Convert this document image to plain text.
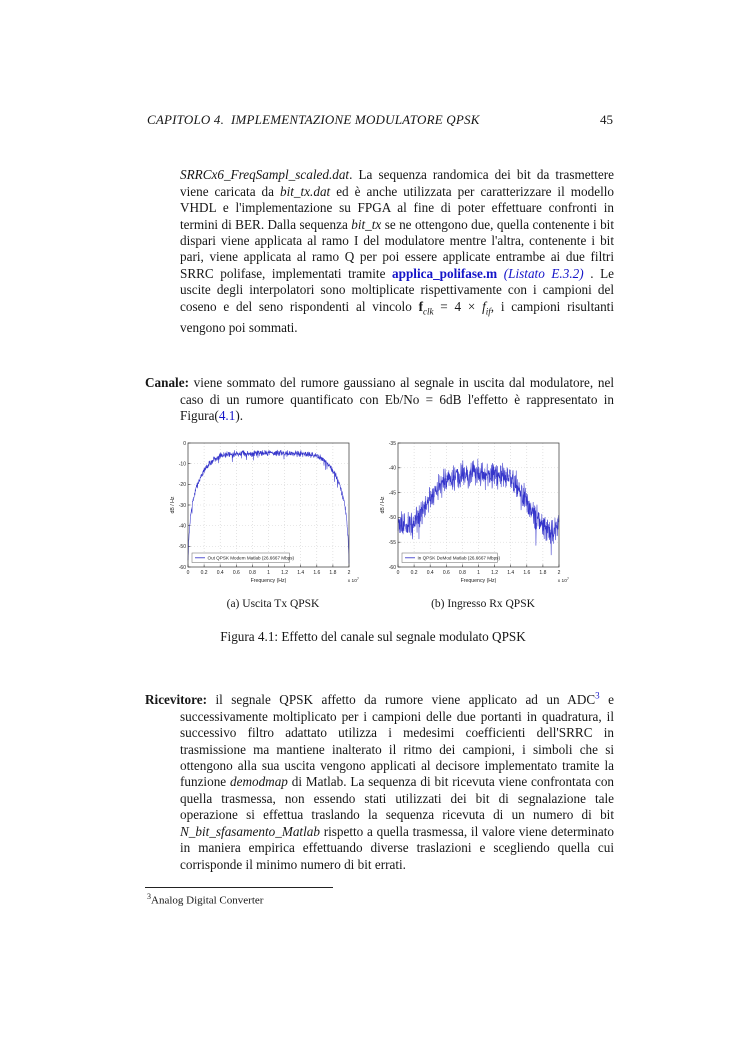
CAPITOLO 4.  IMPLEMENTAZIONE MODULATORE QPSK	45

SRRCx6_FreqSampl_scaled.dat. La sequenza randomica dei bit da trasmettere viene caricata da bit_tx.dat ed è anche utilizzata per caratterizzare il modello VHDL e l'implementazione su FPGA al fine di poter effettuare confronti in termini di BER. Dalla sequenza bit_tx se ne ottengono due, quella contenente i bit dispari viene applicata al ramo I del modulatore mentre l'altra, contenente i bit pari, viene applicata al ramo Q per poi essere applicate entrambe ai due filtri SRRC polifase, implementati tramite applica_polifase.m (Listato E.3.2) . Le uscite degli interpolatori sono moltiplicate rispettivamente con i campioni del coseno e del seno rispondenti al vincolo $f_{clk} = 4 \times f_{if}$, i campioni risultanti vengono poi sommati.

Canale: viene sommato del rumore gaussiano al segnale in uscita dal modulatore, nel caso di un rumore quantificato con Eb/No = 6dB l'effetto è rappresentato in Figura(4.1).

0 0.2 0.4 0.6 0.8 1 1.2 1.4 1.6 1.8 2
0
-10
-20
-30
-40
-50
-60
Frequency (Hz)
dB / Hz
x $10^7$
Out QPSK Modem Matlab (26.6667 Mbps)
0 0.2 0.4 0.6 0.8 1 1.2 1.4 1.6 1.8 2
-35
-40
-45
-50
-55
-60
Frequency (Hz)
dB / Hz
x $10^7$
In QPSK DeMod Matlab (26.6667 Mbps)
(a) Uscita Tx QPSK	(b) Ingresso Rx QPSK
Figura 4.1: Effetto del canale sul segnale modulato QPSK

Ricevitore: il segnale QPSK affetto da rumore viene applicato ad un ADC$^3$ e successivamente moltiplicato per i campioni delle due portanti in quadratura, il successivo filtro adattato utilizza i medesimi coefficienti dell'SRRC in trasmissione ma mantiene inalterato il ritmo dei campioni, i simboli che si ottengono alla sua uscita vengono applicati al decisore implementato tramite la funzione demodmap di Matlab. La sequenza di bit ricevuta viene confrontata con quella trasmessa, non essendo stati utilizzati dei bit di segnalazione tale operazione si effettua traslando la sequenza ricevuta di un numero di bit N_bit_sfasamento_Matlab rispetto a quella trasmessa, il valore viene determinato in maniera empirica effettuando diverse traslazioni e scegliendo quella cui corrisponde il minimo numero di bit errati.

$^3$Analog Digital Converter
